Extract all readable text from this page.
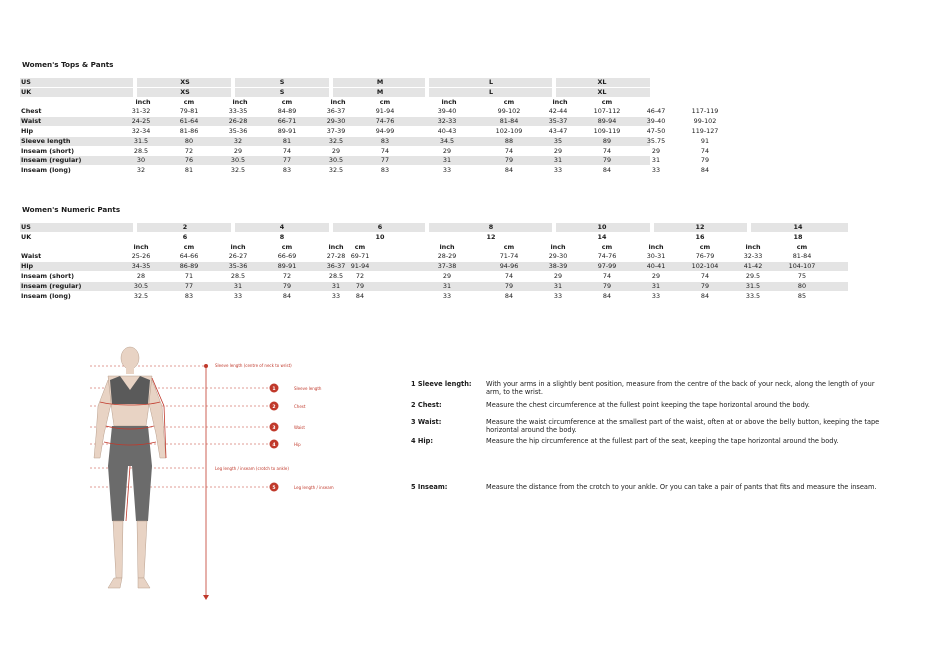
Women's Tops & Pants
US	XS	S	M	L	XL
UK	XS	S	M	L	XL
inch	cm	inch	cm	inch	cm	inch	cm	inch	cm
Chest	31-32	79-81	33-35	84-89	36-37	91-94	39-40	99-102	42-44	107-112	46-47	117-119
Waist	24-25	61-64	26-28	66-71	29-30	74-76	32-33	81-84	35-37	89-94	39-40	99-102
Hip	32-34	81-86	35-36	89-91	37-39	94-99	40-43	102-109	43-47	109-119	47-50	119-127
Sleeve length	31.5	80	32	81	32.5	83	34.5	88	35	89	35.75	91
Inseam (short)	28.5	72	29	74	29	74	29	74	29	74	29	74
Inseam (regular)	30	76	30.5	77	30.5	77	31	79	31	79	31	79
Inseam (long)	32	81	32.5	83	32.5	83	33	84	33	84	33	84
Women's Numeric Pants
US	2	4	6	8	10	12	14
UK	6	8	10	12	14	16	18
inch	cm	inch	cm	inch cm	inch	cm	inch	cm	inch	cm	inch	cm
Waist	25-26	64-66	26-27	66-69	27-28 69-71	28-29	71-74	29-30	74-76	30-31	76-79	32-33	81-84
Hip	34-35	86-89	35-36	89-91	36-37 91-94	37-38	94-96	38-39	97-99	40-41	102-104	41-42	104-107
Inseam (short)	28	71	28.5	72	28.5 72	29	74	29	74	29	74	29.5	75
Inseam (regular)	30.5	77	31	79	31 79	31	79	31	79	31	79	31.5	80
Inseam (long)	32.5	83	33	84	33 84	33	84	33	84	33	84	33.5	85
1
2
3
4
5
Sleeve length (centre of neck to wrist)
Leg length / inseam (crotch to ankle)
Sleeve length
Chest
Waist
Hip
Leg length / inseam
1 Sleeve length: With your arms in a slightly bent position, measure from the centre of the back of your neck, along the length of your arm, to the wrist.
2 Chest:	Measure the chest circumference at the fullest point keeping the tape horizontal around the body.
3 Waist:	Measure the waist circumference at the smallest part of the waist, often at or above the belly button, keeping the tape horizontal around the body.
4 Hip:	Measure the hip circumference at the fullest part of the seat, keeping the tape horizontal around the body.
5 Inseam:	Measure the distance from the crotch to your ankle. Or you can take a pair of pants that fits and measure the inseam.
